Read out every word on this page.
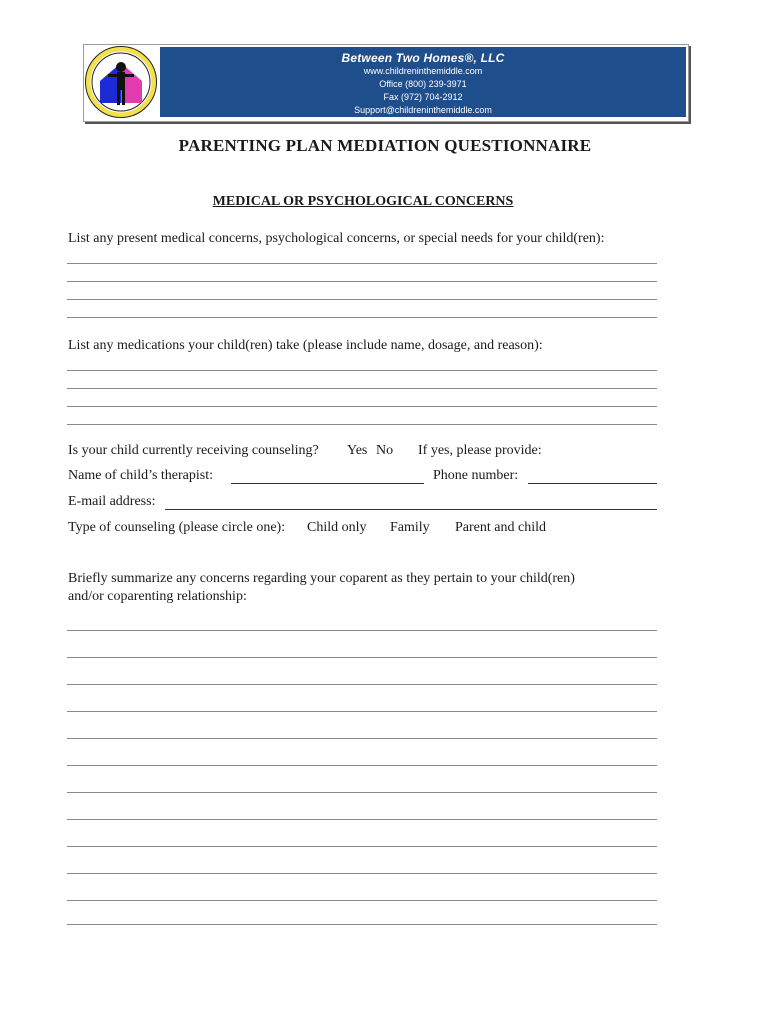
Between Two Homes®, LLC
www.childreninthemiddle.com
Office (800) 239-3971
Fax (972) 704-2912
Support@childreninthemiddle.com
PARENTING PLAN MEDIATION QUESTIONNAIRE
MEDICAL OR PSYCHOLOGICAL CONCERNS
List any present medical concerns, psychological concerns, or special needs for your child(ren):
List any medications your child(ren) take (please include name, dosage, and reason):
Is your child currently receiving counseling? Yes No If yes, please provide:
Name of child’s therapist:	Phone number:
E-mail address:
Type of counseling (please circle one): Child only Family Parent and child
Briefly summarize any concerns regarding your coparent as they pertain to your child(ren)
and/or coparenting relationship:
